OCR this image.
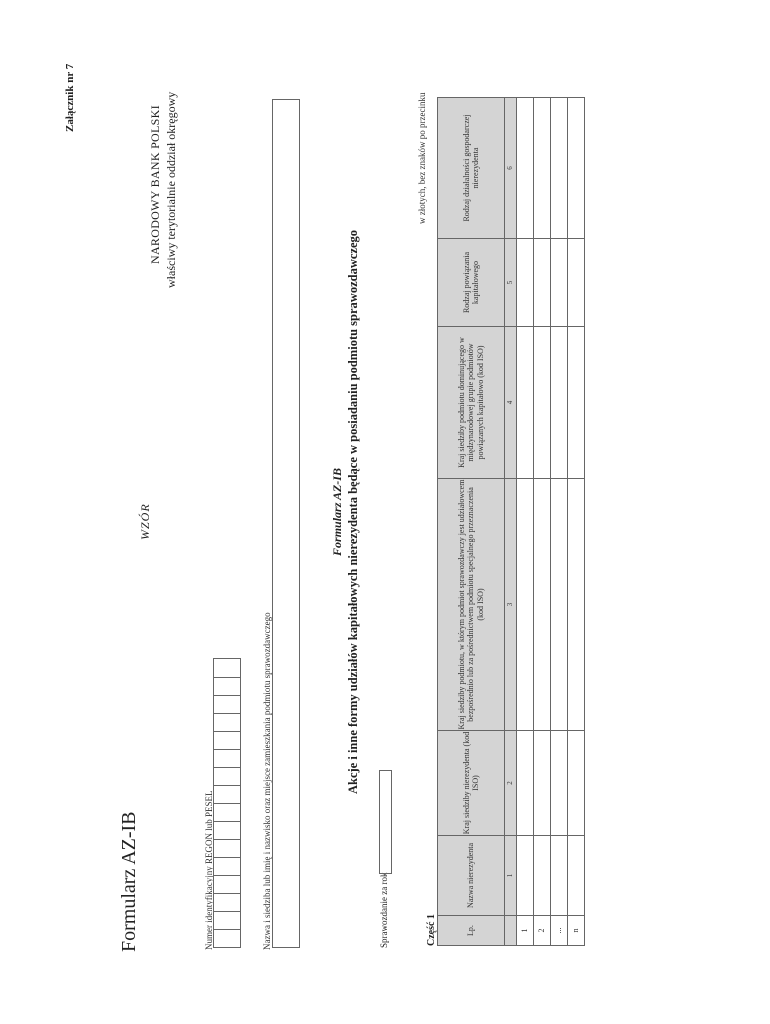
Załącznik nr 7
NARODOWY BANK POLSKI właściwy terytorialnie oddział okręgowy
WZÓR
Formularz AZ-IB	Numer identyfikacyjny REGON lub PESEL	Nazwa i siedziba lub imię i nazwisko oraz miejsce zamieszkania podmiotu sprawozdawczego
Formularz AZ-IB Akcje i inne formy udziałów kapitałowych nierezydenta będące w posiadaniu podmiotu sprawozdawczego
Sprawozdanie za rok
w złotych, bez znaków po przecinku
Część 1	Lp.	Nazwa nierezydenta	Kraj siedziby nierezydenta (kod ISO)	Kraj siedziby podmiotu, w którym podmiot sprawozdawczy jest udziałowcem bezpośrednio lub za pośrednictwem podmiotu specjalnego przeznaczenia (kod ISO)	Kraj siedziby podmiotu dominującego w międzynarodowej grupie podmiotów powiązanych kapitałowo (kod ISO)	Rodzaj powiązania kapitałowego	Rodzaj działalności gospodarczej nierezydenta
	1	2	3	4	5	6
1						
2						
...						
n						
